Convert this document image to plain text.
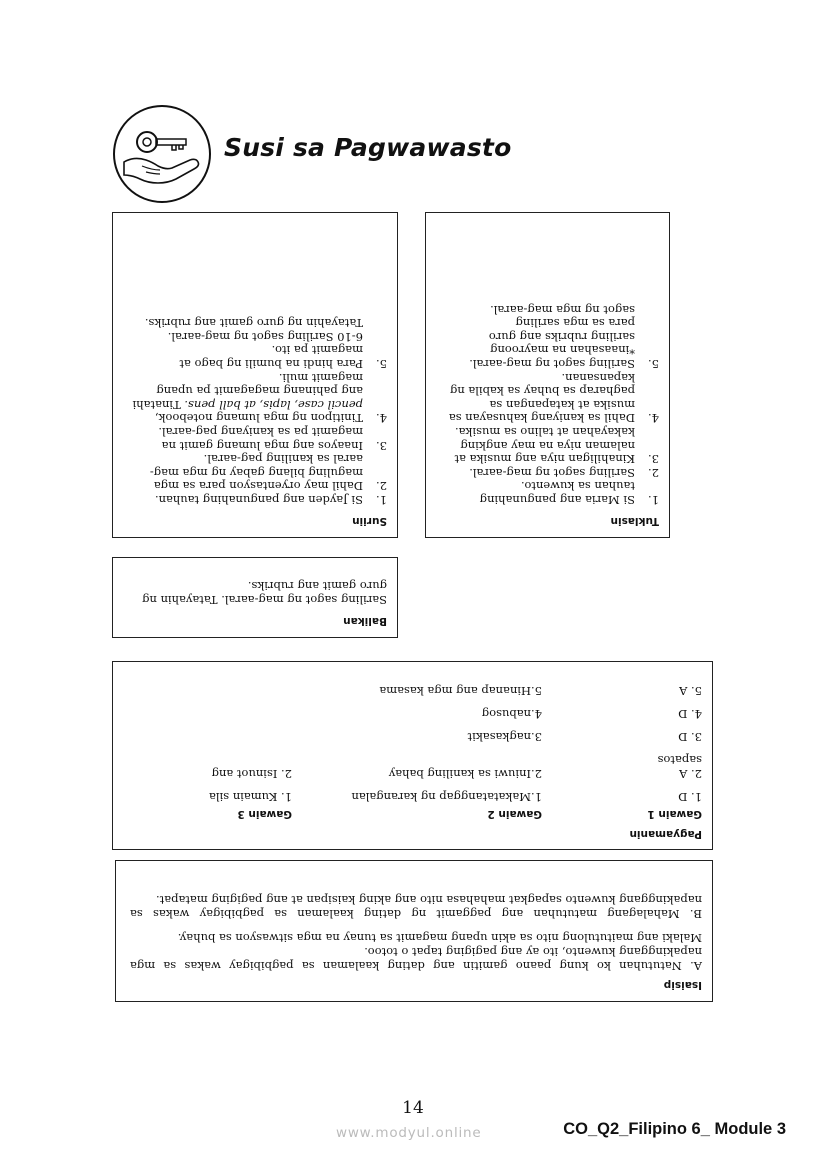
Susi sa Pagwawasto
Tuklasin
1.
Si Maria ang pangunahing tauhan sa kuwento.
2.
Sariling sagot ng mag-aaral.
3.
Kinahiligan niya ang musika at nalaman niya na may angking kakayahan at talino sa musika.
4.
Dahil sa kaniyang kahusayan sa musika at katapangan sa pagharap sa buhay sa kabila ng kapansanan.
5.
Sariling sagot ng mag-aaral.
*inaasahan na mayroong sariling rubriks ang guro para sa mga sariling sagot ng mga mag-aaral.
Suriin
1.
Si Jayden ang pangunahing tauhan.
2.
Dahil may oryentasyon para sa mga maguling bilang gabay ng mga mag-aaral sa kaniling pag-aaral.
3.
Inaayos ang mga lumang gamit na magamit pa sa kaniyang pag-aaral.
4.
Tinitipon ng mga lumang notebook, pencil case, lapis, at ball pens. Tinatahi ang pahinang magagamit pa upang magamit muli.
5.
Para hindi na bumili ng bago at magamit pa ito.
6-10 Sariling sagot ng mag-aaral.
Tatayahin ng guro gamit ang rubriks.
Balikan
Sariling sagot ng mag-aaral. Tatayahin ng guro gamit ang rubriks.
Pagyamanin
Gawain 1	Gawain 2	Gawain 3
1. D	1.Makatatanggap ng karangalan	1. Kumain sila
2. A	2.Iniuwi sa kaniling bahay	2. Isinuot ang
sapatos		
3. D	3.nagkasakit	
4. D	4.nabusog	
5. A	5.Hinanap ang mga kasama	
Isaisip
A. Natutuhan ko kung paano gamitin ang dating kaalaman sa pagbibigay wakas sa mga napakinggang kuwento, ito ay ang pagiging tapat o totoo.
Malaki ang maitutulong nito sa akin upang magamit sa tunay na mga sitwasyon sa buhay.
B. Mahalagang matutuhan ang paggamit ng dating kaalaman sa pagbibigay wakas sa napakinggang kuwento sapagkat mahahasa nito ang aking kaisipan at ang pagiging matapat.
14
www.modyul.online	CO_Q2_Filipino 6_ Module 3
